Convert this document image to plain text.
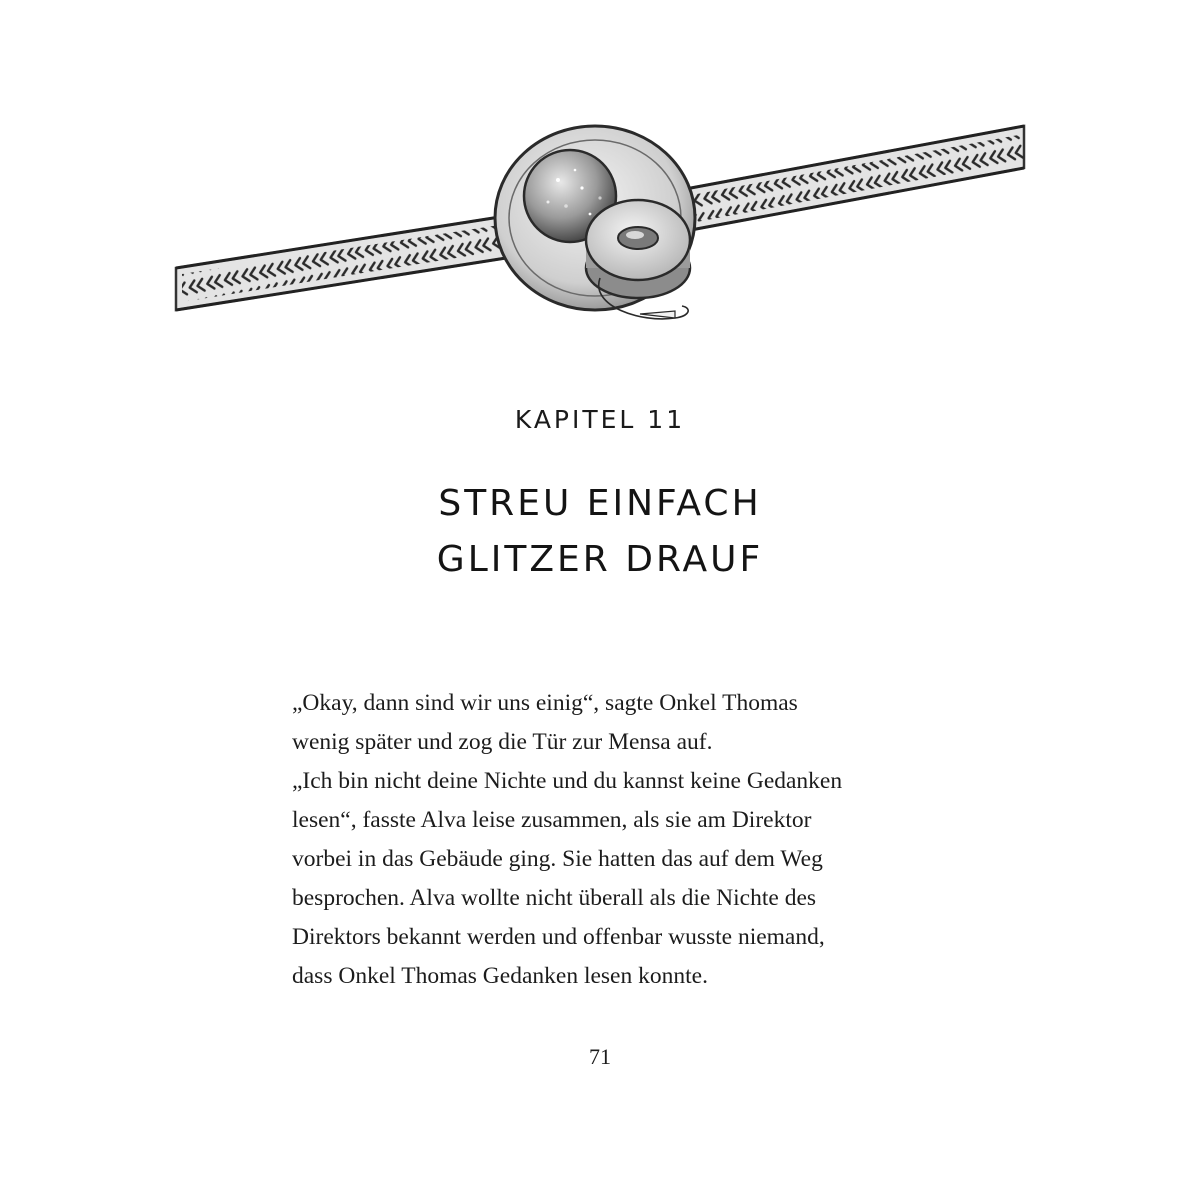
KAPITEL 11
STREU EINFACH
GLITZER DRAUF
„Okay, dann sind wir uns einig“, sagte Onkel Thomas
wenig später und zog die Tür zur Mensa auf.
„Ich bin nicht deine Nichte und du kannst keine Gedanken
lesen“, fasste Alva leise zusammen, als sie am Direktor
vorbei in das Gebäude ging. Sie hatten das auf dem Weg
besprochen. Alva wollte nicht überall als die Nichte des
Direktors bekannt werden und offenbar wusste niemand,
dass Onkel Thomas Gedanken lesen konnte.
71
